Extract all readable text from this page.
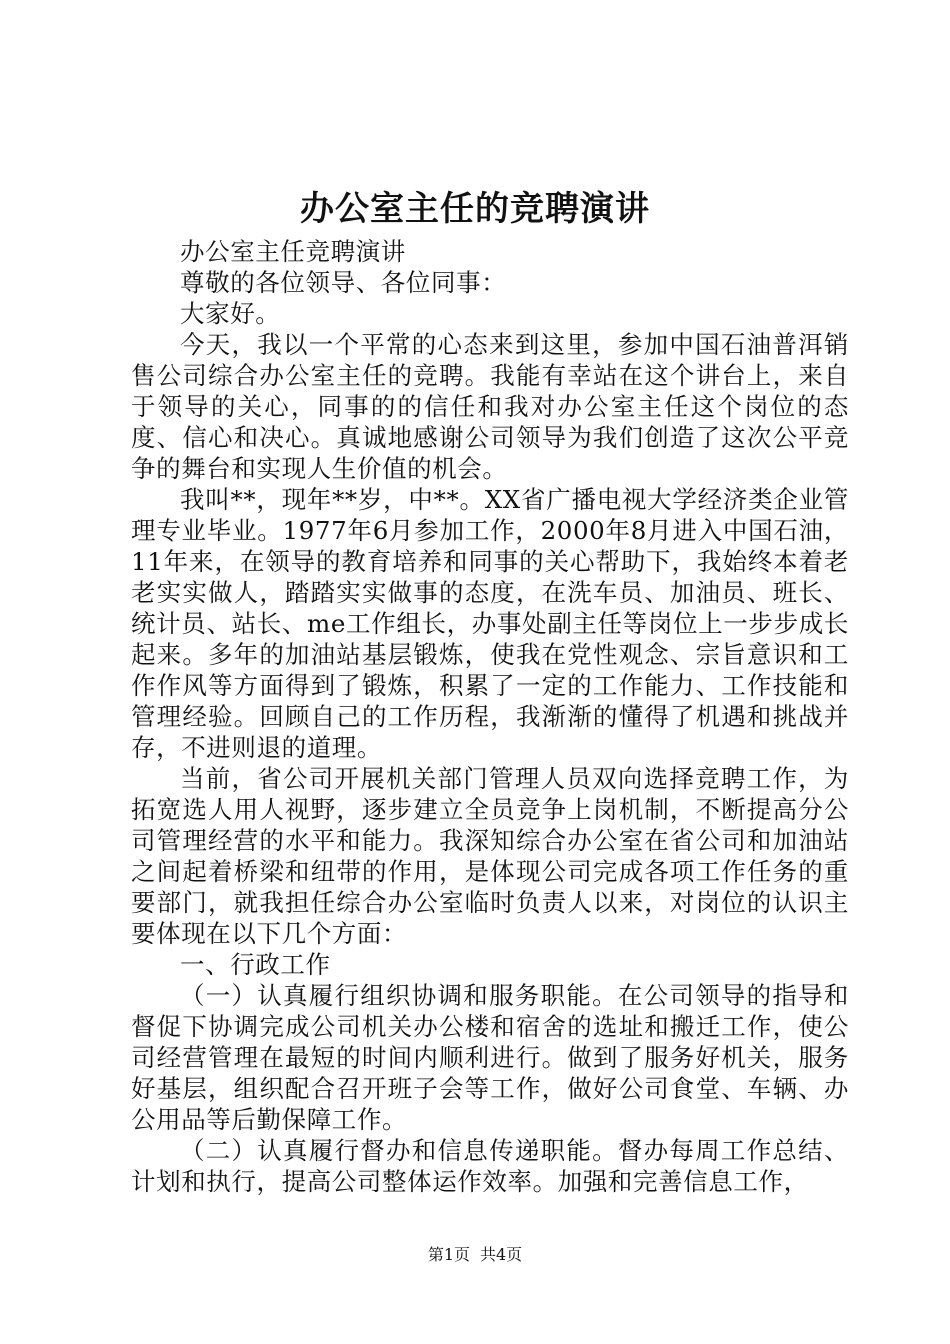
办公室主任的竞聘演讲

办公室主任竞聘演讲

尊敬的各位领导、各位同事：

大家好。

今天，我以一个平常的心态来到这里，参加中国石油普洱销售公司综合办公室主任的竞聘。我能有幸站在这个讲台上，来自于领导的关心，同事的的信任和我对办公室主任这个岗位的态度、信心和决心。真诚地感谢公司领导为我们创造了这次公平竞争的舞台和实现人生价值的机会。

我叫**，现年**岁，中**。XX省广播电视大学经济类企业管理专业毕业。1977年6月参加工作，2000年8月进入中国石油，11年来，在领导的教育培养和同事的关心帮助下，我始终本着老老实实做人，踏踏实实做事的态度，在洗车员、加油员、班长、统计员、站长、me工作组长，办事处副主任等岗位上一步步成长起来。多年的加油站基层锻炼，使我在党性观念、宗旨意识和工作作风等方面得到了锻炼，积累了一定的工作能力、工作技能和管理经验。回顾自己的工作历程，我渐渐的懂得了机遇和挑战并存，不进则退的道理。

当前，省公司开展机关部门管理人员双向选择竞聘工作，为拓宽选人用人视野，逐步建立全员竞争上岗机制，不断提高分公司管理经营的水平和能力。我深知综合办公室在省公司和加油站之间起着桥梁和纽带的作用，是体现公司完成各项工作任务的重要部门，就我担任综合办公室临时负责人以来，对岗位的认识主要体现在以下几个方面：

一、行政工作

（一）认真履行组织协调和服务职能。在公司领导的指导和督促下协调完成公司机关办公楼和宿舍的选址和搬迁工作，使公司经营管理在最短的时间内顺利进行。做到了服务好机关，服务好基层，组织配合召开班子会等工作，做好公司食堂、车辆、办公用品等后勤保障工作。

（二）认真履行督办和信息传递职能。督办每周工作总结、计划和执行，提高公司整体运作效率。加强和完善信息工作，

第1页 共4页
